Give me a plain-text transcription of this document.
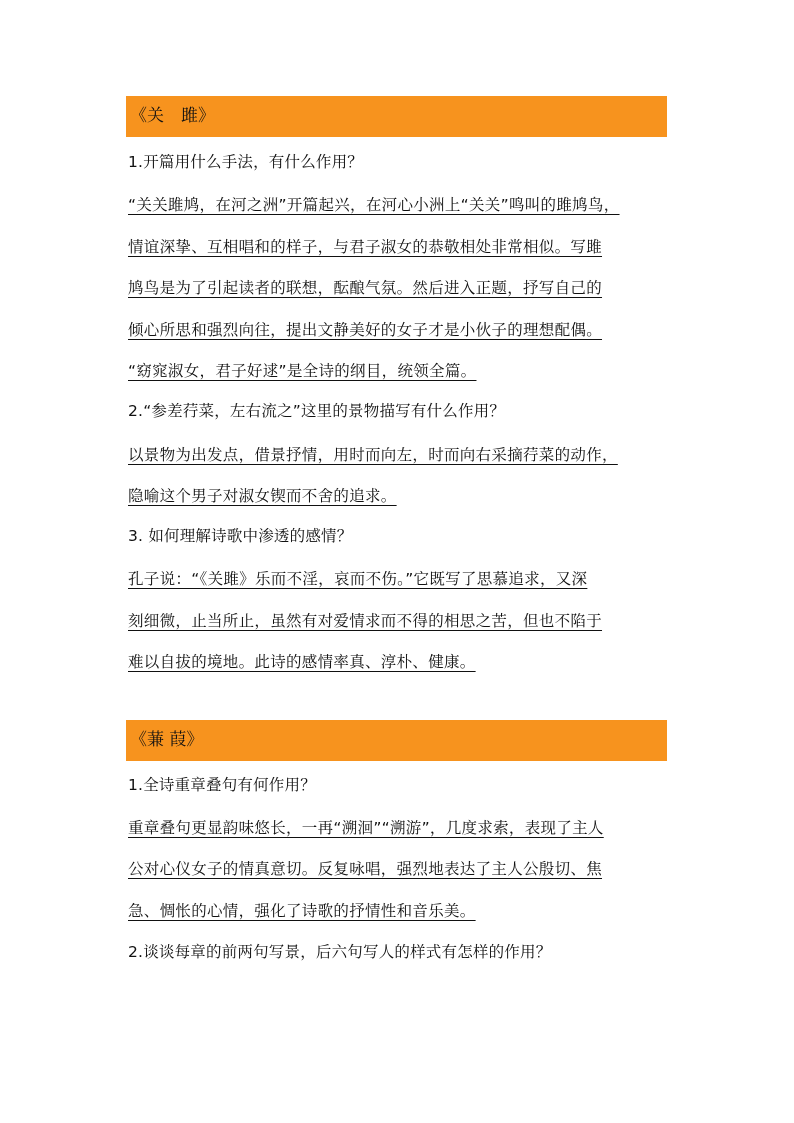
《关　雎》
1.开篇用什么手法，有什么作用？
“关关雎鸠，在河之洲”开篇起兴，在河心小洲上“关关”鸣叫的雎鸠鸟，
情谊深挚、互相唱和的样子，与君子淑女的恭敬相处非常相似。写雎
鸠鸟是为了引起读者的联想，酝酿气氛。然后进入正题，抒写自己的
倾心所思和强烈向往，提出文静美好的女子才是小伙子的理想配偶。
“窈窕淑女，君子好逑”是全诗的纲目，统领全篇。
2.“参差荇菜，左右流之”这里的景物描写有什么作用？
以景物为出发点，借景抒情，用时而向左，时而向右采摘荇菜的动作，
隐喻这个男子对淑女锲而不舍的追求。
3. 如何理解诗歌中渗透的感情？
孔子说：“《关雎》乐而不淫，哀而不伤。”它既写了思慕追求，又深
刻细微，止当所止，虽然有对爱情求而不得的相思之苦，但也不陷于
难以自拔的境地。此诗的感情率真、淳朴、健康。
《蒹 葭》
1.全诗重章叠句有何作用？
重章叠句更显韵味悠长，一再“溯洄”“溯游”，几度求索，表现了主人
公对心仪女子的情真意切。反复咏唱，强烈地表达了主人公殷切、焦
急、惆怅的心情，强化了诗歌的抒情性和音乐美。
2.谈谈每章的前两句写景，后六句写人的样式有怎样的作用？
